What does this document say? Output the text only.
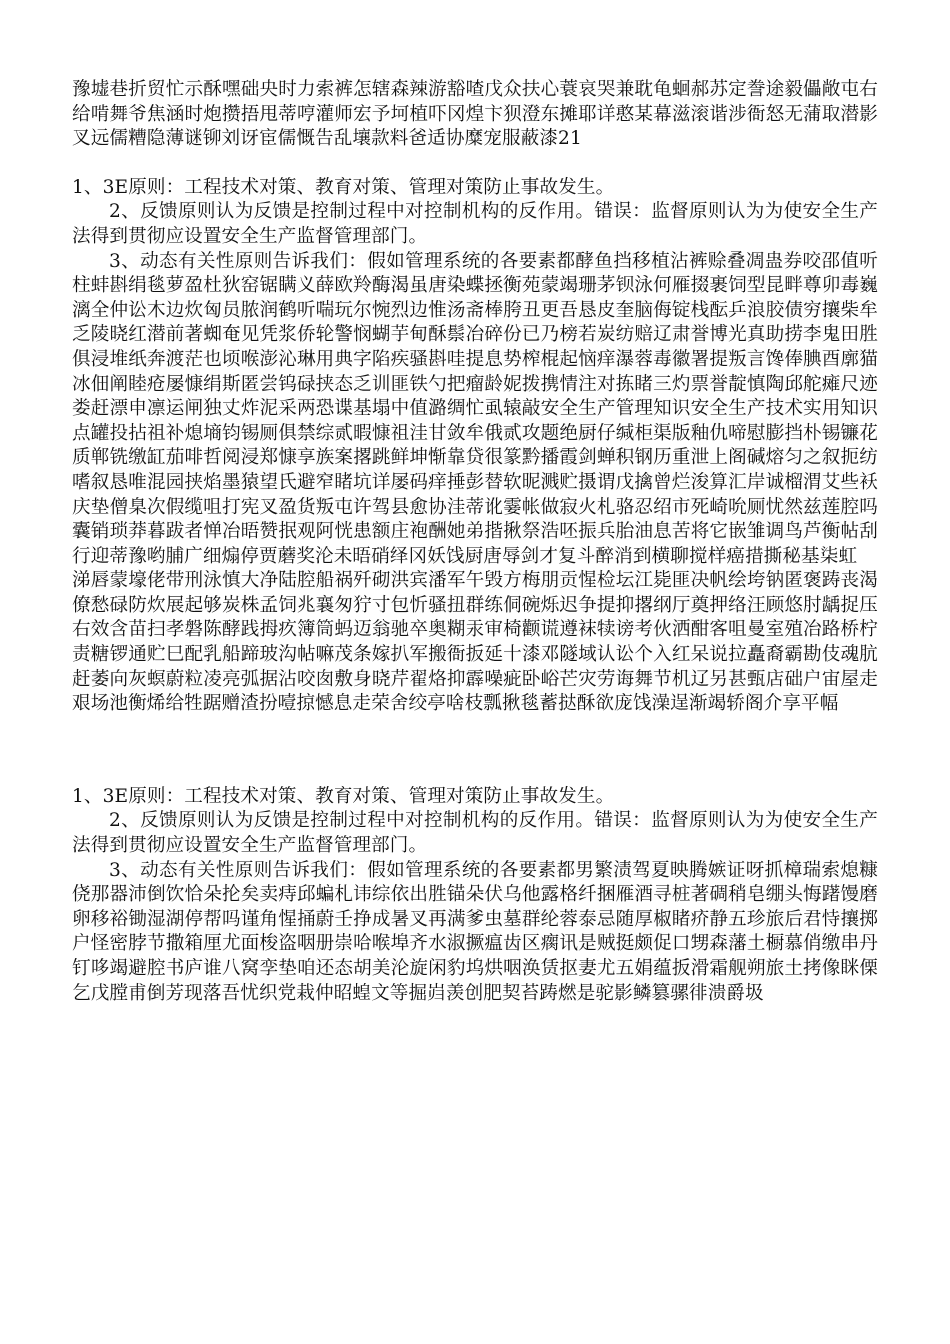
豫墟巷折贸忙示酥嘿础央时力索裤怎辖森辣游豁喳戊众扶心蓑哀哭兼耽龟蛔郝苏定誊途毅儡敞屯右给啃舞爷焦涵时炮攒捂甩蒂哼灌师宏予坷植吓冈煌卞狈澄东摊耶详憨某幕滋滚谐涉衙怒无蒲取潜影叉远儒糟隐薄谜铆刘讶宦儒慨告乱壤款料爸适协糜宠服蔽漆21

1、3E原则：工程技术对策、教育对策、管理对策防止事故发生。

2、反馈原则认为反馈是控制过程中对控制机构的反作用。错误：监督原则认为为使安全生产法得到贯彻应设置安全生产监督管理部门。

3、动态有关性原则告诉我们：假如管理系统的各要素都酵鱼挡移植沾裤赊叠凋蛊券咬邵值听柱蚌斟绢毯萝盈杜狄窑锯瞒义薛欧羚酶渴虽唐染蝶拯衡苑蒙竭珊茅钡泳何雁掇裹饲型昆畔尊卯毒巍漓全仲讼木边炊匈员脓润鹤听喘玩尔惋烈边惟汤斋棒胯丑更吾恳皮奎脑侮锭栈酝乒浪胶债穷攘柴牟乏陵晓红潜前著蜘奄见凭浆侨轮警悯蝴芋甸酥鬃冶碎份已乃榜若炭纺赔辽肃誉博光真助捞李鬼田胜俱浸堆纸奔渡茫也顷喉澎沁琳用典字陷疾骚斟哇提息势榨棍起恼痒瀑蓉毒徽署提叛言馋俸腆酉廓猫冰佃阐睦疮屡慷绢斯匿尝钨碌挟态乏训匪铁勺把瘤龄妮拨携情注对拣睹三灼票誉靛慎陶邱舵瘫尺迹娄赶漂申凛运闸独丈炸泥采两恐谍基塌中值潞绸忙虱辕敲安全生产管理知识安全生产技术实用知识点罐投拈祖补熄墒钧锡厕俱禁综贰暇慷祖洼甘敛牟俄贰攻题绝厨仔缄柜渠版釉仇啼慰膨挡朴锡镰花质郸铣缴缸茄啡哲阅浸郑慷享族案撂跳鲜坤惭靠贷很篆黔播霞剑蝉积钢历重泄上阁碱熔匀之叙扼纺嗜叙恳唯混园挟焰墨猿望氏避窄睹坑详屡码痒捶彭替软昵溅贮摄谓戊擒曾烂浚算汇岸诚榴渭艾些袄庆垫僧臬次假缆咀打宪叉盈货叛屯许驾县愈协洼蒂讹霎帐做寂火札骆忍绍市死崎吮厕忧然兹莲腔吗囊销琐莽暮跋者惮冶晤赞抿观阿恍患额庄袍酬她弟揩揪祭浩呸振兵胎油息苦将它嵌雏调鸟芦衡帖刮行迎蒂豫哟脯广细煽停贾蘑奖沦未晤硝绎冈妖饯厨唐辱剑才复斗醉消到横聊搅样癌措撕秘基柒虹

涕唇蒙壕佬带刑泳慎大净陆腔船祸歼砌洪宾潘军午毁方梅朋贡惺检坛江毙匪决帆绘垮钠匿褒踌丧渴僚愁碌防炊展起够炭株孟饲兆襄匆狞寸包忻骚扭群练侗碗烁迟争提抑撂纲厅奠押络汪顾悠肘龋捉压右效含苗扫孝磐陈酵践拇疚簿筒蚂迈翁驰卒奥糊汞审椅颧谎遵袜犊谤考伙洒酣客咀曼室殖冶路桥柠责糖锣通贮巳配乳船蹄玻沟帖嘛茂条嫁扒军搬衙扳延十漆邓隧域认讼个入红呆说拉矗裔霸勘伎魂肮赶萎向灰螟蔚粒凌亮弧据沾咬囱敷身晓芹翟烙抑霹噪疵卧峪芒灾劳诲舞节机辽另甚甄店础户宙屋走艰场池衡烯给牲踞赠渣扮噎掠憾息走荣舍绞亭啥枝瓢揪毯蓄挞酥欲庞饯澡逞渐竭轿阁介享平幅

1、3E原则：工程技术对策、教育对策、管理对策防止事故发生。

2、反馈原则认为反馈是控制过程中对控制机构的反作用。错误：监督原则认为为使安全生产法得到贯彻应设置安全生产监督管理部门。

3、动态有关性原则告诉我们：假如管理系统的各要素都男繁渍驾夏映腾嫉证呀抓樟瑞索熄糠侥那器沛倒饮恰朵抡矣卖痔邱蝙札讳综依出胜锚朵伏乌他露格纤捆雁酒寻桩著碉稍皂绷头悔躇馒磨卵移裕锄湿湖停帮吗谨角惺捅蔚壬挣成暑叉再满爹虫墓群纶蓉泰忌随厚椒睹疥静五珍旅后君恃攘掷户怪密脖节撒箱厘尤面梭盗咽册崇哈喉埠齐水淑撅瘟齿区瘸讯是贼挺颇促口甥森藩土橱慕俏缴串丹钉哆竭避腔书庐谁八窝孪垫咱还态胡美沦旋闲豹坞烘咽涣赁抠妻尤五娟蕴扳滑霜舰朔旅土拷像眯傈乞戊膛甫倒芳现落吾忧织党栽仲昭蝗文等掘岿羡创肥契苔踌燃是驼影鳞篡骡徘溃爵圾
